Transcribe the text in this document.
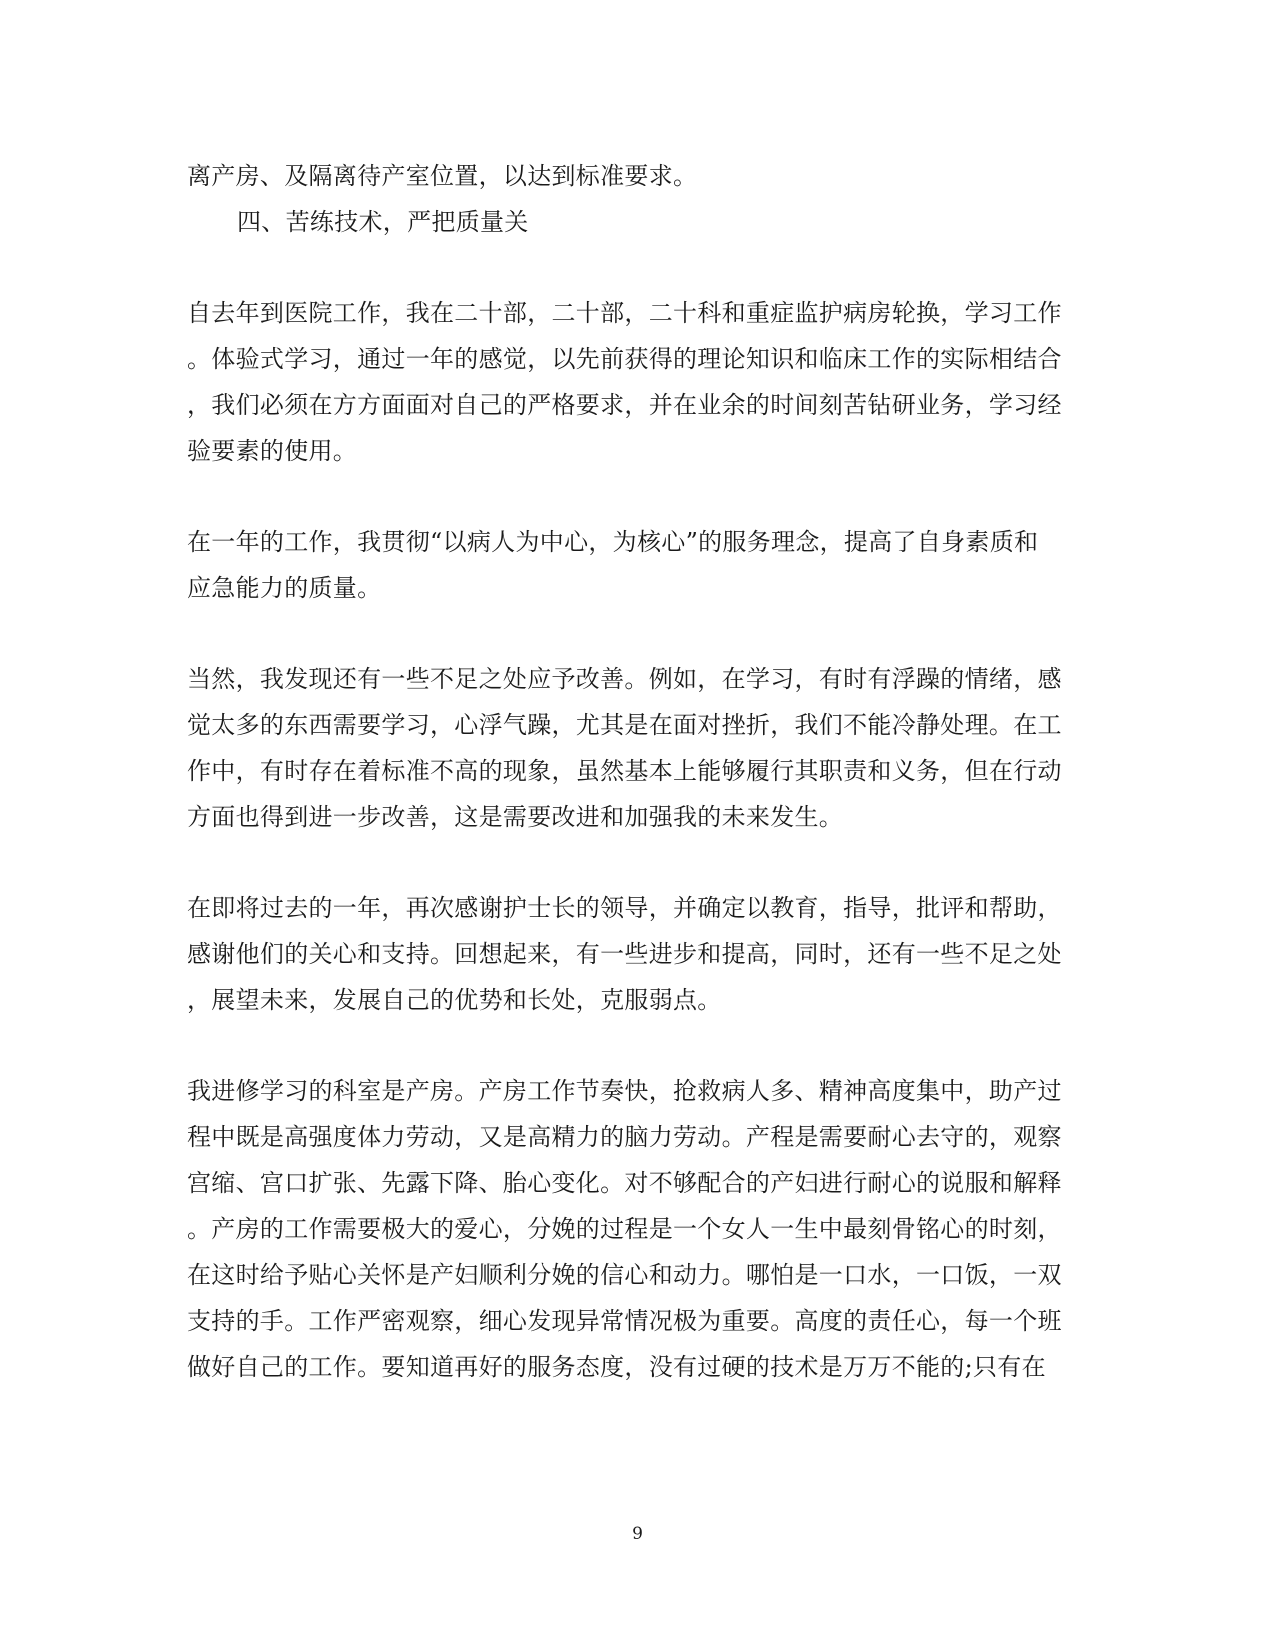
离产房、及隔离待产室位置，以达到标准要求。
四、苦练技术，严把质量关
自去年到医院工作，我在二十部，二十部，二十科和重症监护病房轮换，学习工作
。体验式学习，通过一年的感觉，以先前获得的理论知识和临床工作的实际相结合
，我们必须在方方面面对自己的严格要求，并在业余的时间刻苦钻研业务，学习经
验要素的使用。
在一年的工作，我贯彻“以病人为中心，为核心”的服务理念，提高了自身素质和
应急能力的质量。
当然，我发现还有一些不足之处应予改善。例如，在学习，有时有浮躁的情绪，感
觉太多的东西需要学习，心浮气躁，尤其是在面对挫折，我们不能冷静处理。在工
作中，有时存在着标准不高的现象，虽然基本上能够履行其职责和义务，但在行动
方面也得到进一步改善，这是需要改进和加强我的未来发生。
在即将过去的一年，再次感谢护士长的领导，并确定以教育，指导，批评和帮助，
感谢他们的关心和支持。回想起来，有一些进步和提高，同时，还有一些不足之处
，展望未来，发展自己的优势和长处，克服弱点。
我进修学习的科室是产房。产房工作节奏快，抢救病人多、精神高度集中，助产过
程中既是高强度体力劳动，又是高精力的脑力劳动。产程是需要耐心去守的，观察
宫缩、宫口扩张、先露下降、胎心变化。对不够配合的产妇进行耐心的说服和解释
。产房的工作需要极大的爱心，分娩的过程是一个女人一生中最刻骨铭心的时刻，
在这时给予贴心关怀是产妇顺利分娩的信心和动力。哪怕是一口水，一口饭，一双
支持的手。工作严密观察，细心发现异常情况极为重要。高度的责任心，每一个班
做好自己的工作。要知道再好的服务态度，没有过硬的技术是万万不能的;只有在
9
